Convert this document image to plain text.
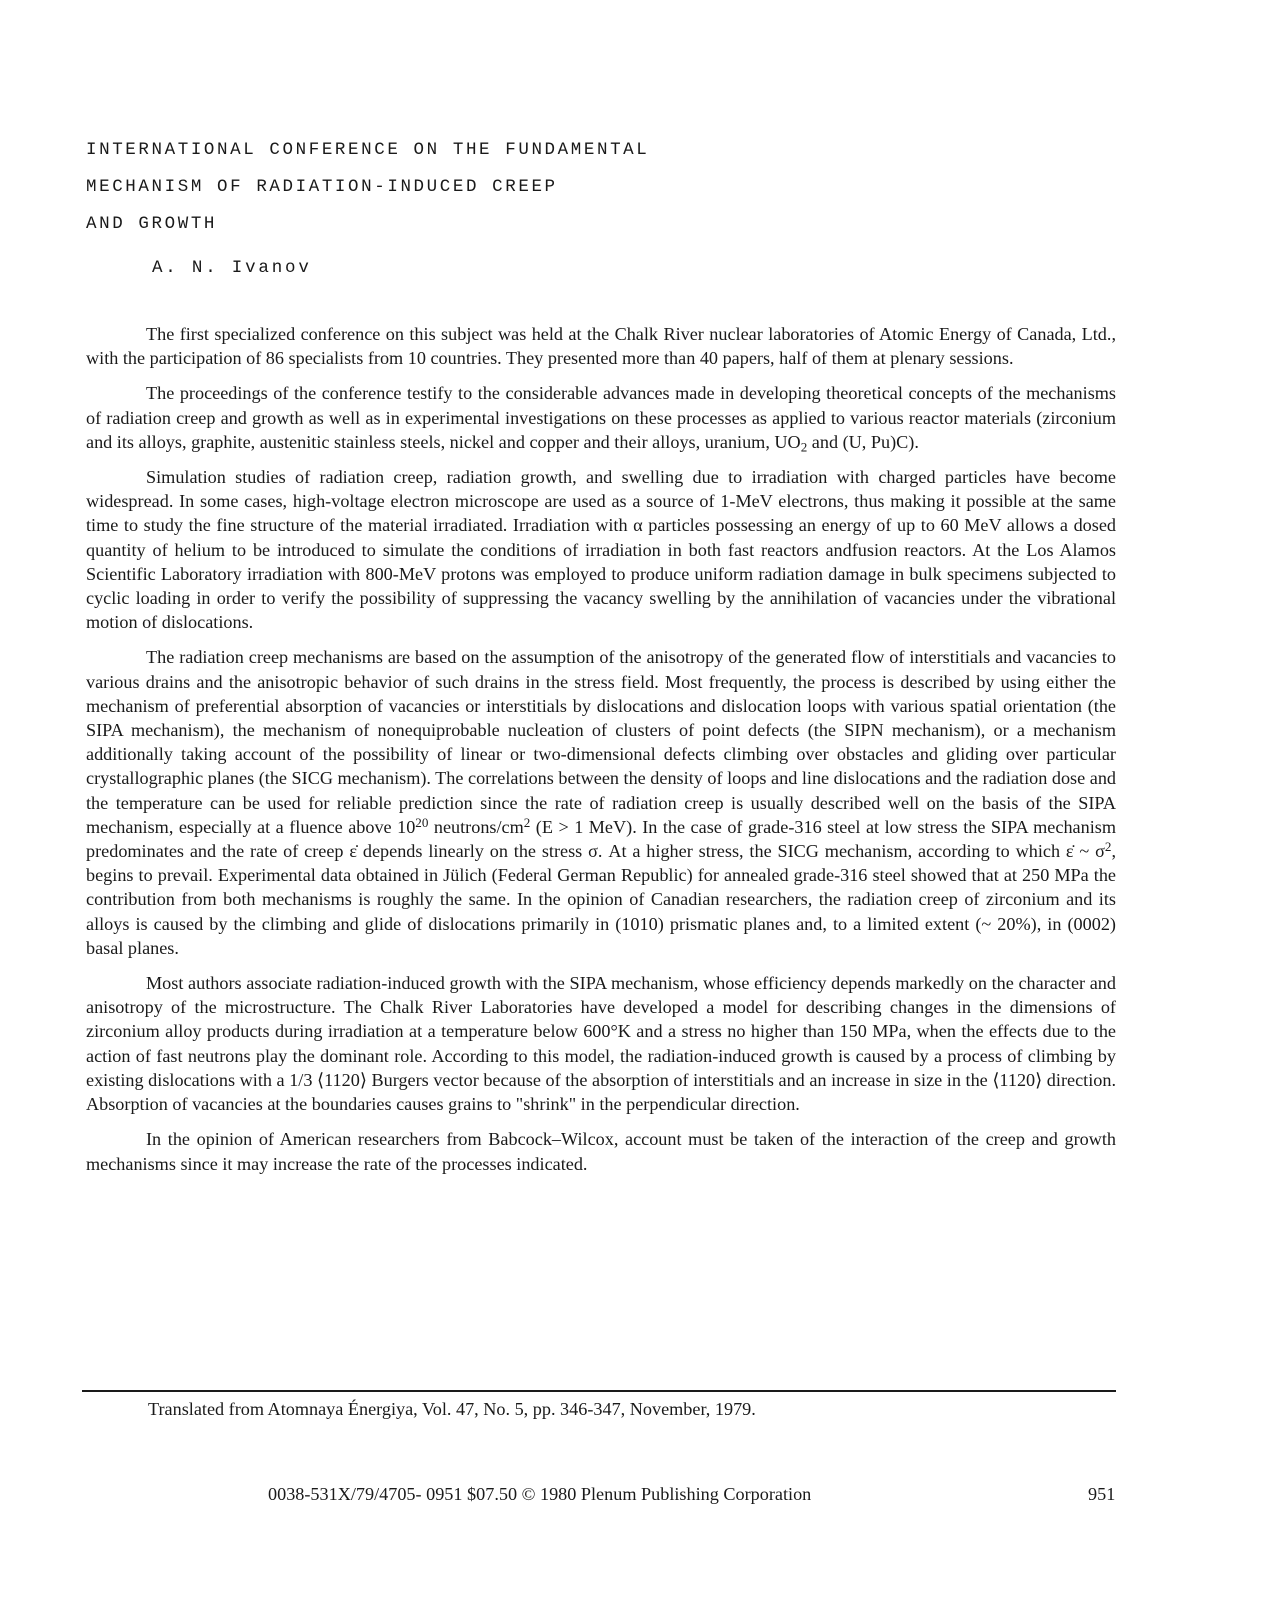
INTERNATIONAL CONFERENCE ON THE FUNDAMENTAL
MECHANISM OF RADIATION-INDUCED CREEP
AND GROWTH

A. N. Ivanov

The first specialized conference on this subject was held at the Chalk River nuclear laboratories of Atomic Energy of Canada, Ltd., with the participation of 86 specialists from 10 countries. They presented more than 40 papers, half of them at plenary sessions.

The proceedings of the conference testify to the considerable advances made in developing theoretical concepts of the mechanisms of radiation creep and growth as well as in experimental investigations on these processes as applied to various reactor materials (zirconium and its alloys, graphite, austenitic stainless steels, nickel and copper and their alloys, uranium, $UO_2$ and (U, Pu)C).

Simulation studies of radiation creep, radiation growth, and swelling due to irradiation with charged particles have become widespread. In some cases, high-voltage electron microscope are used as a source of 1-MeV electrons, thus making it possible at the same time to study the fine structure of the material irradiated. Irradiation with α particles possessing an energy of up to 60 MeV allows a dosed quantity of helium to be introduced to simulate the conditions of irradiation in both fast reactors andfusion reactors. At the Los Alamos Scientific Laboratory irradiation with 800-MeV protons was employed to produce uniform radiation damage in bulk specimens subjected to cyclic loading in order to verify the possibility of suppressing the vacancy swelling by the annihilation of vacancies under the vibrational motion of dislocations.

The radiation creep mechanisms are based on the assumption of the anisotropy of the generated flow of interstitials and vacancies to various drains and the anisotropic behavior of such drains in the stress field. Most frequently, the process is described by using either the mechanism of preferential absorption of vacancies or interstitials by dislocations and dislocation loops with various spatial orientation (the SIPA mechanism), the mechanism of nonequiprobable nucleation of clusters of point defects (the SIPN mechanism), or a mechanism additionally taking account of the possibility of linear or two-dimensional defects climbing over obstacles and gliding over particular crystallographic planes (the SICG mechanism). The correlations between the density of loops and line dislocations and the radiation dose and the temperature can be used for reliable prediction since the rate of radiation creep is usually described well on the basis of the SIPA mechanism, especially at a fluence above $10^{20}$ neutrons/$cm^2$ (E > 1 MeV). In the case of grade-316 steel at low stress the SIPA mechanism predominates and the rate of creep ε̇ depends linearly on the stress σ. At a higher stress, the SICG mechanism, according to which ε̇ ~ $\sigma^2$, begins to prevail. Experimental data obtained in Jülich (Federal German Republic) for annealed grade-316 steel showed that at 250 MPa the contribution from both mechanisms is roughly the same. In the opinion of Canadian researchers, the radiation creep of zirconium and its alloys is caused by the climbing and glide of dislocations primarily in (1010) prismatic planes and, to a limited extent (~ 20%), in (0002) basal planes.

Most authors associate radiation-induced growth with the SIPA mechanism, whose efficiency depends markedly on the character and anisotropy of the microstructure. The Chalk River Laboratories have developed a model for describing changes in the dimensions of zirconium alloy products during irradiation at a temperature below 600°K and a stress no higher than 150 MPa, when the effects due to the action of fast neutrons play the dominant role. According to this model, the radiation-induced growth is caused by a process of climbing by existing dislocations with a 1/3 ⟨1120⟩ Burgers vector because of the absorption of interstitials and an increase in size in the ⟨1120⟩ direction. Absorption of vacancies at the boundaries causes grains to "shrink" in the perpendicular direction.

In the opinion of American researchers from Babcock–Wilcox, account must be taken of the interaction of the creep and growth mechanisms since it may increase the rate of the processes indicated.

Translated from Atomnaya Énergiya, Vol. 47, No. 5, pp. 346-347, November, 1979.

0038-531X/79/4705- 0951 $07.50 © 1980 Plenum Publishing Corporation	951
